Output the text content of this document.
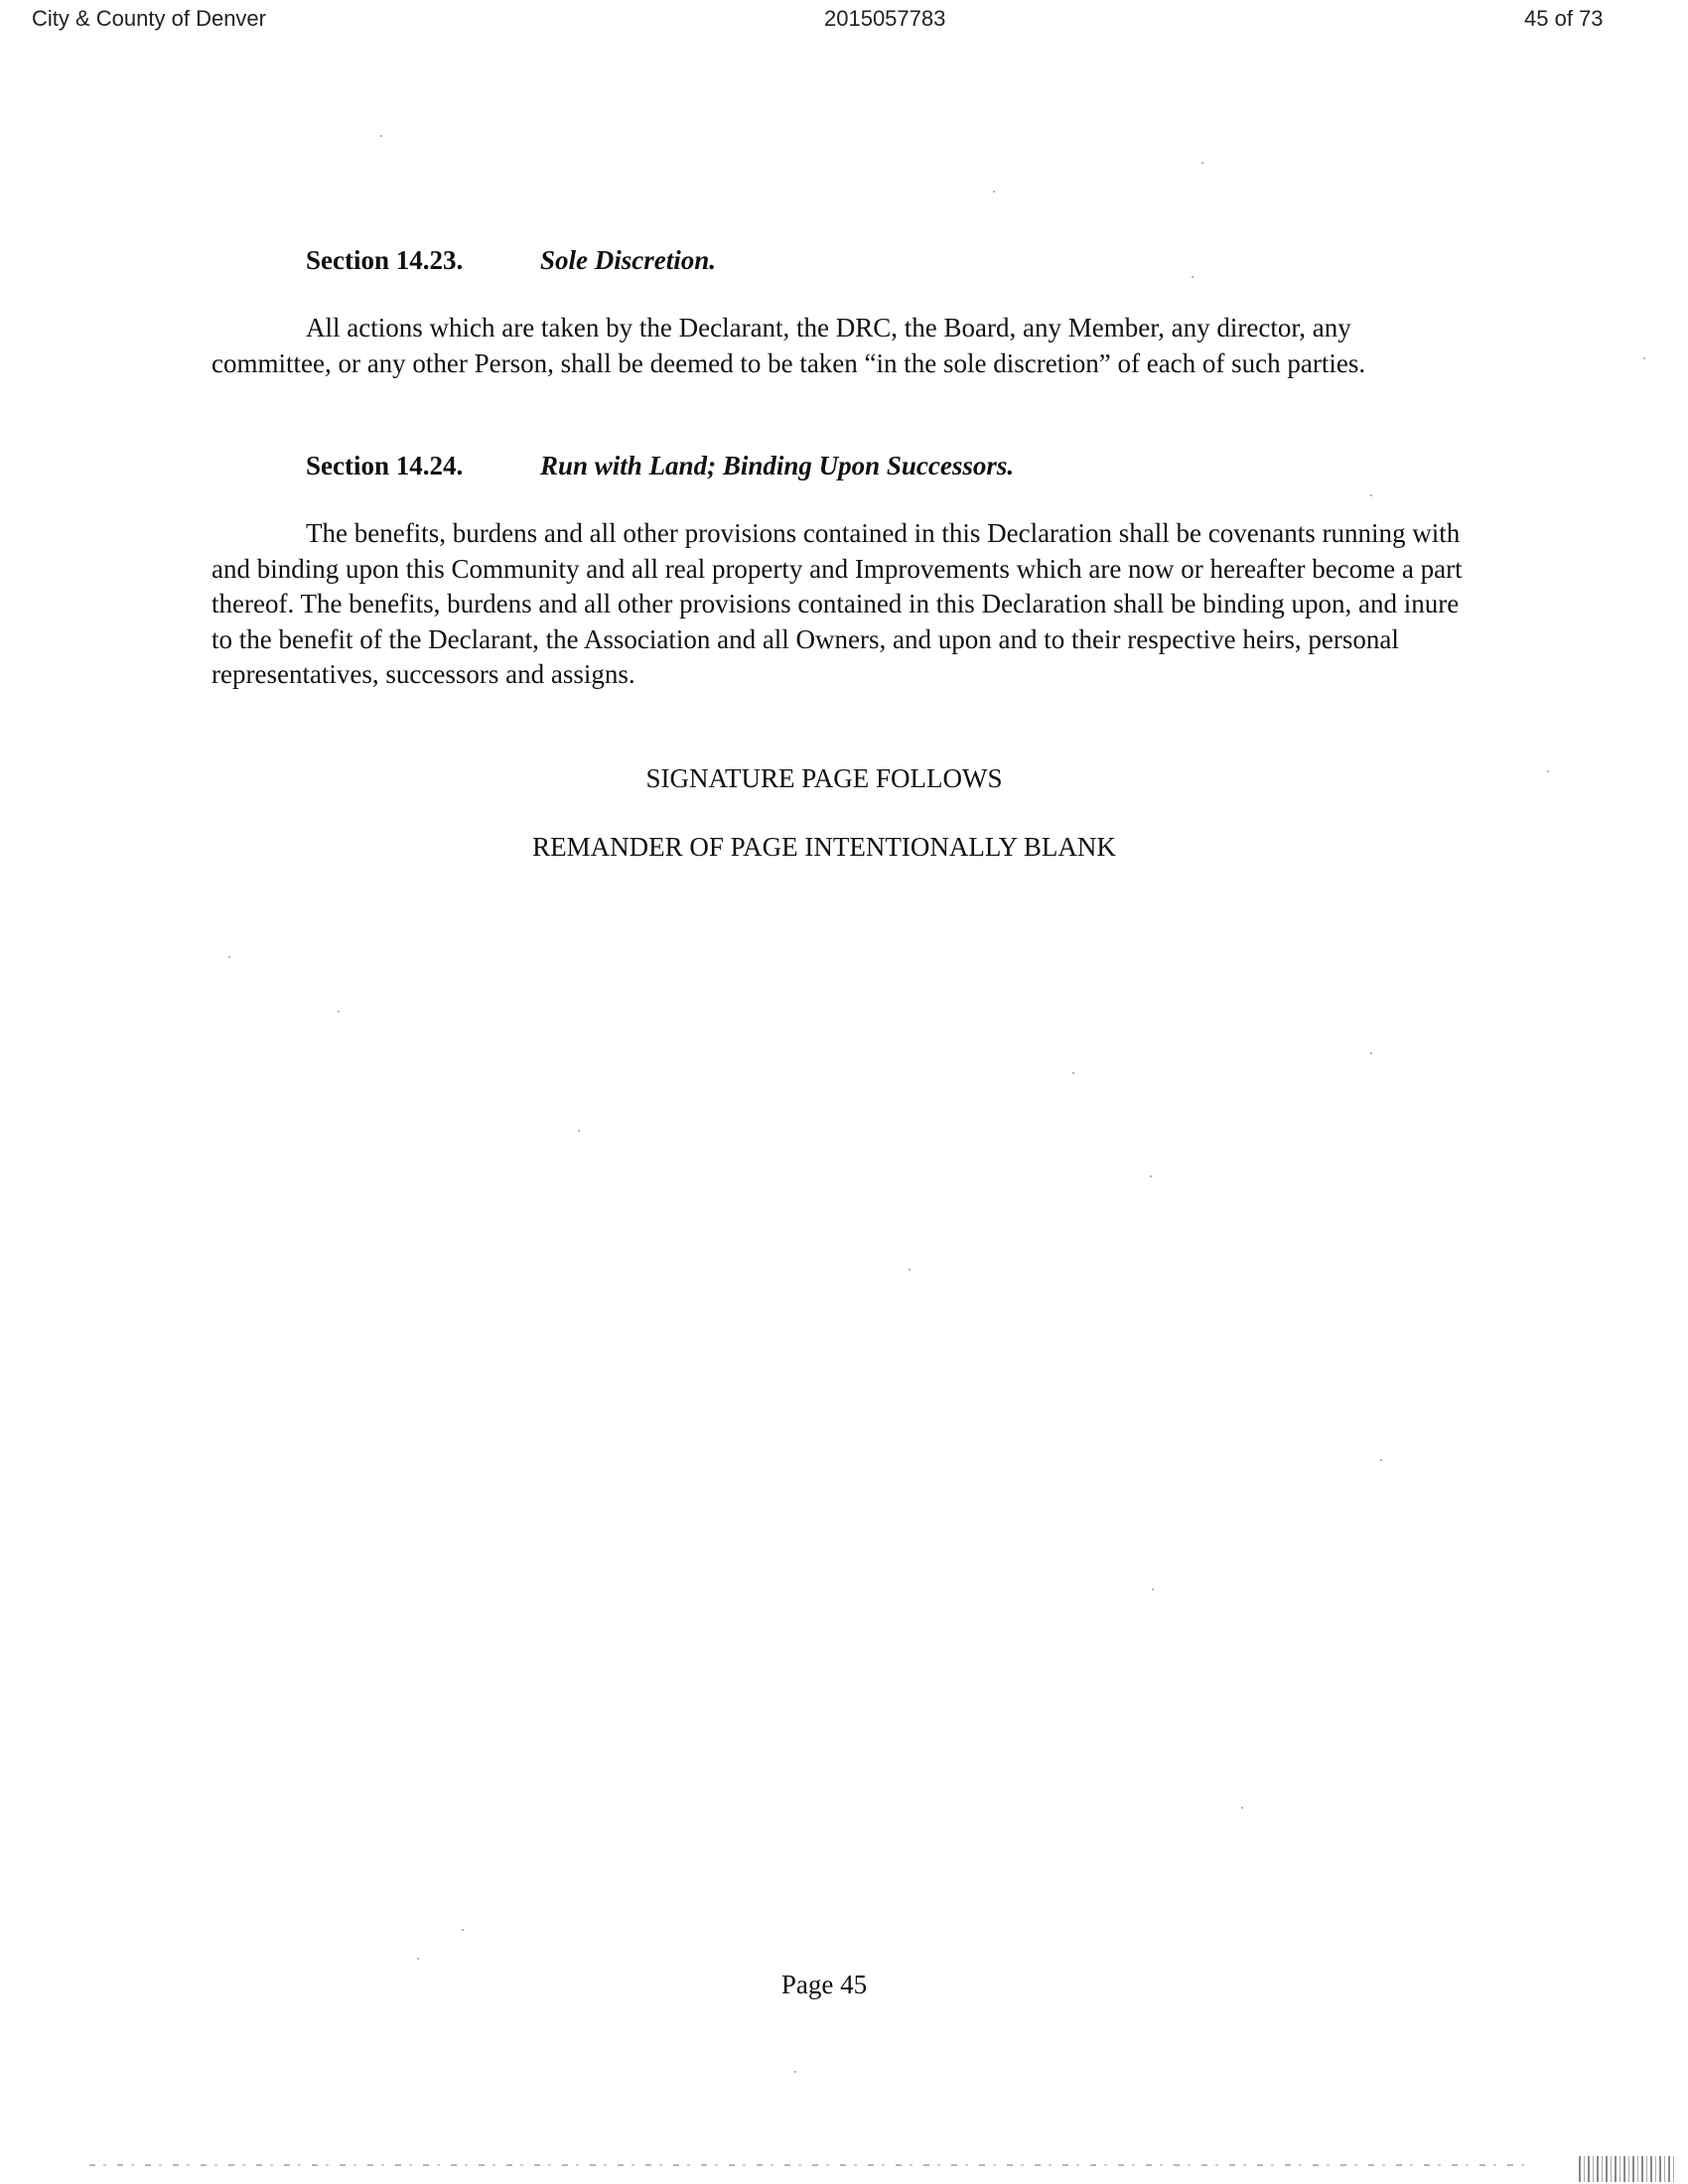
City & County of Denver	2015057783	45 of 73
Section 14.23.	Sole Discretion.

All actions which are taken by the Declarant, the DRC, the Board, any Member, any director, any committee, or any other Person, shall be deemed to be taken “in the sole discretion” of each of such parties.

Section 14.24.	Run with Land; Binding Upon Successors.

The benefits, burdens and all other provisions contained in this Declaration shall be covenants running with and binding upon this Community and all real property and Improvements which are now or hereafter become a part thereof. The benefits, burdens and all other provisions contained in this Declaration shall be binding upon, and inure to the benefit of the Declarant, the Association and all Owners, and upon and to their respective heirs, personal representatives, successors and assigns.

SIGNATURE PAGE FOLLOWS
REMANDER OF PAGE INTENTIONALLY BLANK
Page 45
